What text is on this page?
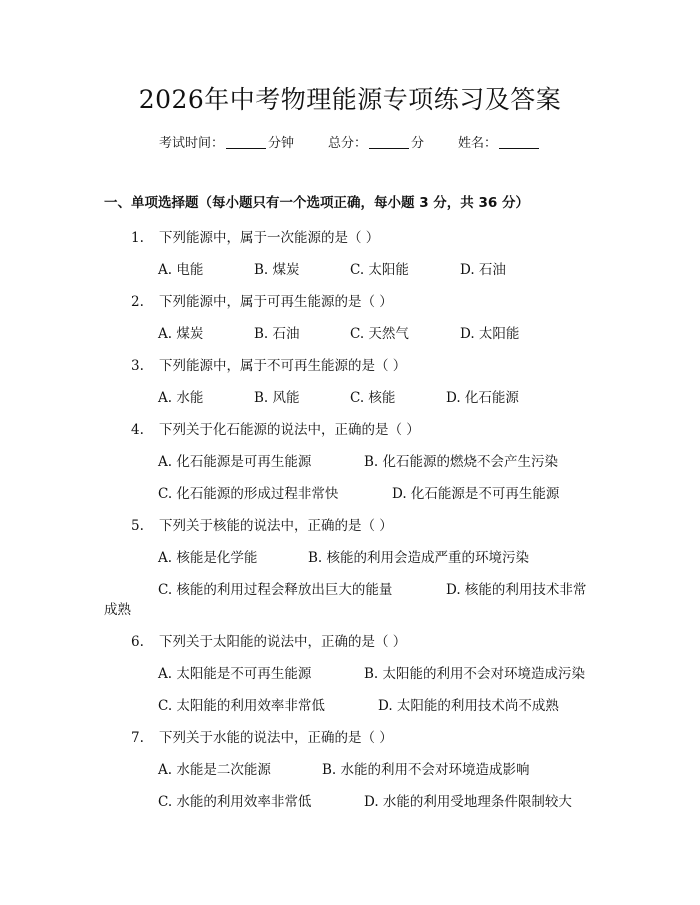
2026年中考物理能源专项练习及答案
考试时间：	分钟	总分：	分	姓名：
一、单项选择题（每小题只有一个选项正确，每小题 3 分，共 36 分）
1. 下列能源中，属于一次能源的是（ ）
A. 电能	B. 煤炭	C. 太阳能	D. 石油
2. 下列能源中，属于可再生能源的是（ ）
A. 煤炭	B. 石油	C. 天然气	D. 太阳能
3. 下列能源中，属于不可再生能源的是（ ）
A. 水能	B. 风能	C. 核能	D. 化石能源
4. 下列关于化石能源的说法中，正确的是（ ）
A. 化石能源是可再生能源	B. 化石能源的燃烧不会产生污染
C. 化石能源的形成过程非常快	D. 化石能源是不可再生能源
5. 下列关于核能的说法中，正确的是（ ）
A. 核能是化学能	B. 核能的利用会造成严重的环境污染
C. 核能的利用过程会释放出巨大的能量	D. 核能的利用技术非常
成熟
6. 下列关于太阳能的说法中，正确的是（ ）
A. 太阳能是不可再生能源	B. 太阳能的利用不会对环境造成污染
C. 太阳能的利用效率非常低	D. 太阳能的利用技术尚不成熟
7. 下列关于水能的说法中，正确的是（ ）
A. 水能是二次能源	B. 水能的利用不会对环境造成影响
C. 水能的利用效率非常低	D. 水能的利用受地理条件限制较大
